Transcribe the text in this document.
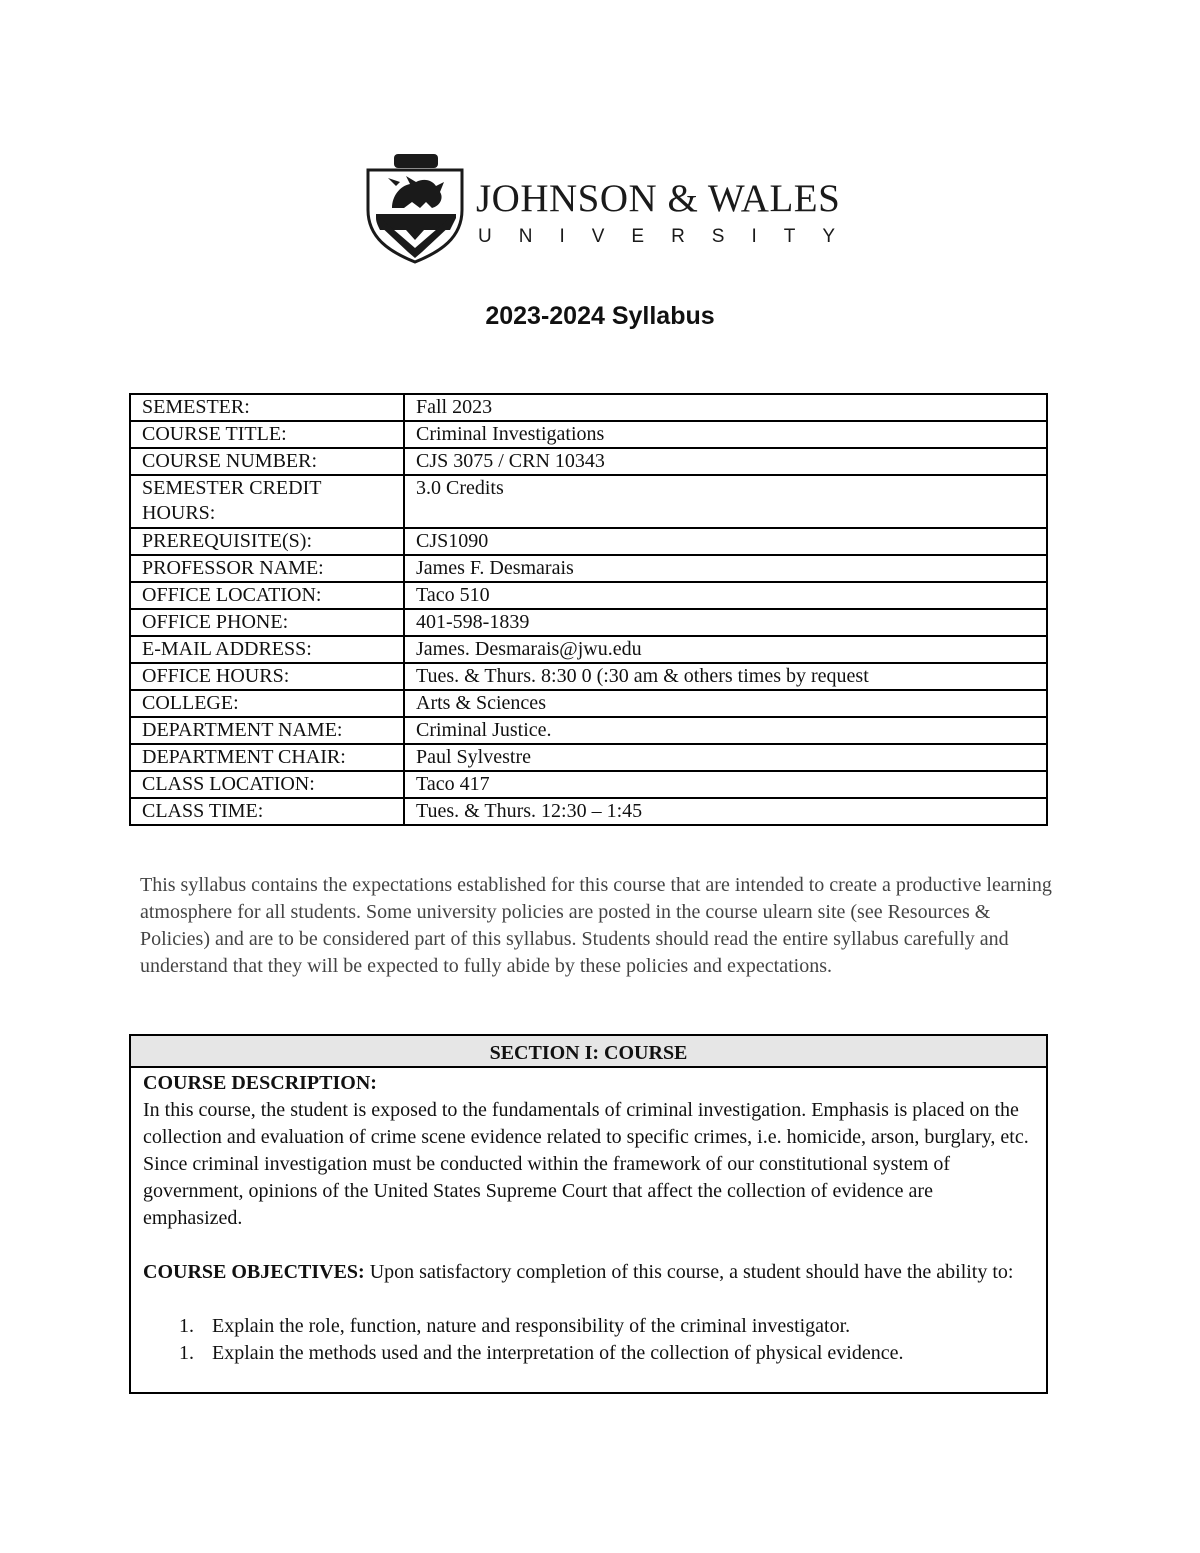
JOHNSON & WALES
UNIVERSITY
2023-2024 Syllabus
SEMESTER:	Fall 2023
COURSE TITLE:	Criminal Investigations
COURSE NUMBER:	CJS 3075 / CRN 10343
SEMESTER CREDIT HOURS:	3.0 Credits
PREREQUISITE(S):	CJS1090
PROFESSOR NAME:	James F. Desmarais
OFFICE LOCATION:	Taco 510
OFFICE PHONE:	401-598-1839
E-MAIL ADDRESS:	James. Desmarais@jwu.edu
OFFICE HOURS:	Tues. & Thurs. 8:30 0 (:30 am & others times by request
COLLEGE:	Arts & Sciences
DEPARTMENT NAME:	Criminal Justice.
DEPARTMENT CHAIR:	Paul Sylvestre
CLASS LOCATION:	Taco 417
CLASS TIME:	Tues. & Thurs. 12:30 – 1:45
This syllabus contains the expectations established for this course that are intended to create a productive learning atmosphere for all students. Some university policies are posted in the course ulearn site (see Resources & Policies) and are to be considered part of this syllabus. Students should read the entire syllabus carefully and understand that they will be expected to fully abide by these policies and expectations.
SECTION I: COURSE

COURSE DESCRIPTION:
In this course, the student is exposed to the fundamentals of criminal investigation. Emphasis is placed on the collection and evaluation of crime scene evidence related to specific crimes, i.e. homicide, arson, burglary, etc. Since criminal investigation must be conducted within the framework of our constitutional system of government, opinions of the United States Supreme Court that affect the collection of evidence are emphasized.

COURSE OBJECTIVES: Upon satisfactory completion of this course, a student should have the ability to:

1. Explain the role, function, nature and responsibility of the criminal investigator.
1. Explain the methods used and the interpretation of the collection of physical evidence.
